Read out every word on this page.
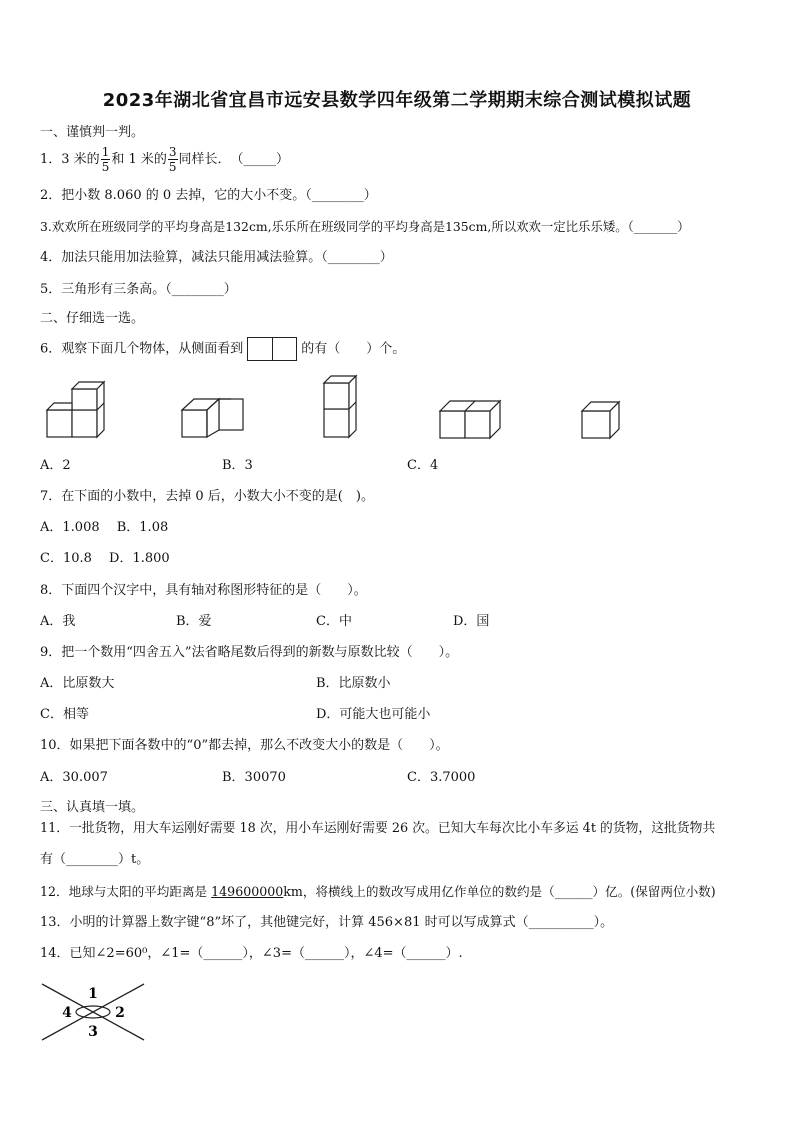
2023年湖北省宜昌市远安县数学四年级第二学期期末综合测试模拟试题
一、谨慎判一判。
1．3 米的 $\frac{1}{5}$ 和 1 米的 $\frac{3}{5}$ 同样长．　（_____）
2．把小数 8.060 的 0 去掉，它的大小不变。（________）
3.欢欢所在班级同学的平均身高是132cm,乐乐所在班级同学的平均身高是135cm,所以欢欢一定比乐乐矮。（_______）
4．加法只能用加法验算，减法只能用减法验算。（________）
5．三角形有三条高。（________）
二、仔细选一选。
6．观察下面几个物体，从侧面看到	的有（　　）个。
A．2	B．3	C．4
7．在下面的小数中，去掉 0 后，小数大小不变的是(　)。
A．1.008　 B．1.08
C．10.8　 D．1.800
8．下面四个汉字中，具有轴对称图形特征的是（　　）。
A．我	B．爱	C．中	D．国
9．把一个数用“四舍五入”法省略尾数后得到的新数与原数比较（　　）。
A．比原数大	B．比原数小
C．相等	D．可能大也可能小
10．如果把下面各数中的“0”都去掉，那么不改变大小的数是（　　）。
A．30.007	B．30070	C．3.7000
三、认真填一填。
11．一批货物，用大车运刚好需要 18 次，用小车运刚好需要 26 次。已知大车每次比小车多运 4t 的货物，这批货物共
有（________）t。
12．地球与太阳的平均距离是 149600000km，将横线上的数改写成用亿作单位的数约是（______）亿。(保留两位小数)
13．小明的计算器上数字键“8”坏了，其他键完好，计算 456×81 时可以写成算式（__________）。
14．已知∠2=60⁰，∠1=（______），∠3=（______），∠4=（______）.
1
2
3
4
